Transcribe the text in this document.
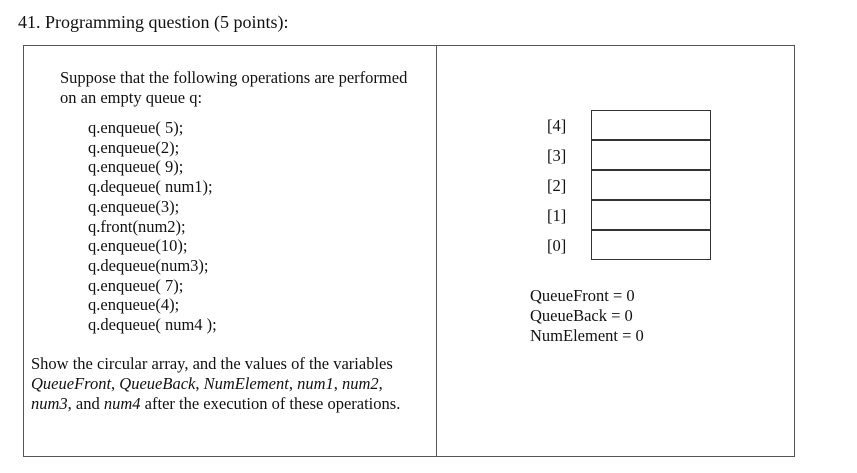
41. Programming question (5 points):
Suppose that the following operations are performed
on an empty queue q:
q.enqueue( 5);
q.enqueue(2);
q.enqueue( 9);
q.dequeue( num1);
q.enqueue(3);
q.front(num2);
q.enqueue(10);
q.dequeue(num3);
q.enqueue( 7);
q.enqueue(4);
q.dequeue( num4 );
Show the circular array, and the values of the variables
QueueFront, QueueBack, NumElement, num1, num2,
num3, and num4 after the execution of these operations.
[4]
[3]
[2]
[1]
[0]
QueueFront = 0
QueueBack = 0
NumElement = 0
